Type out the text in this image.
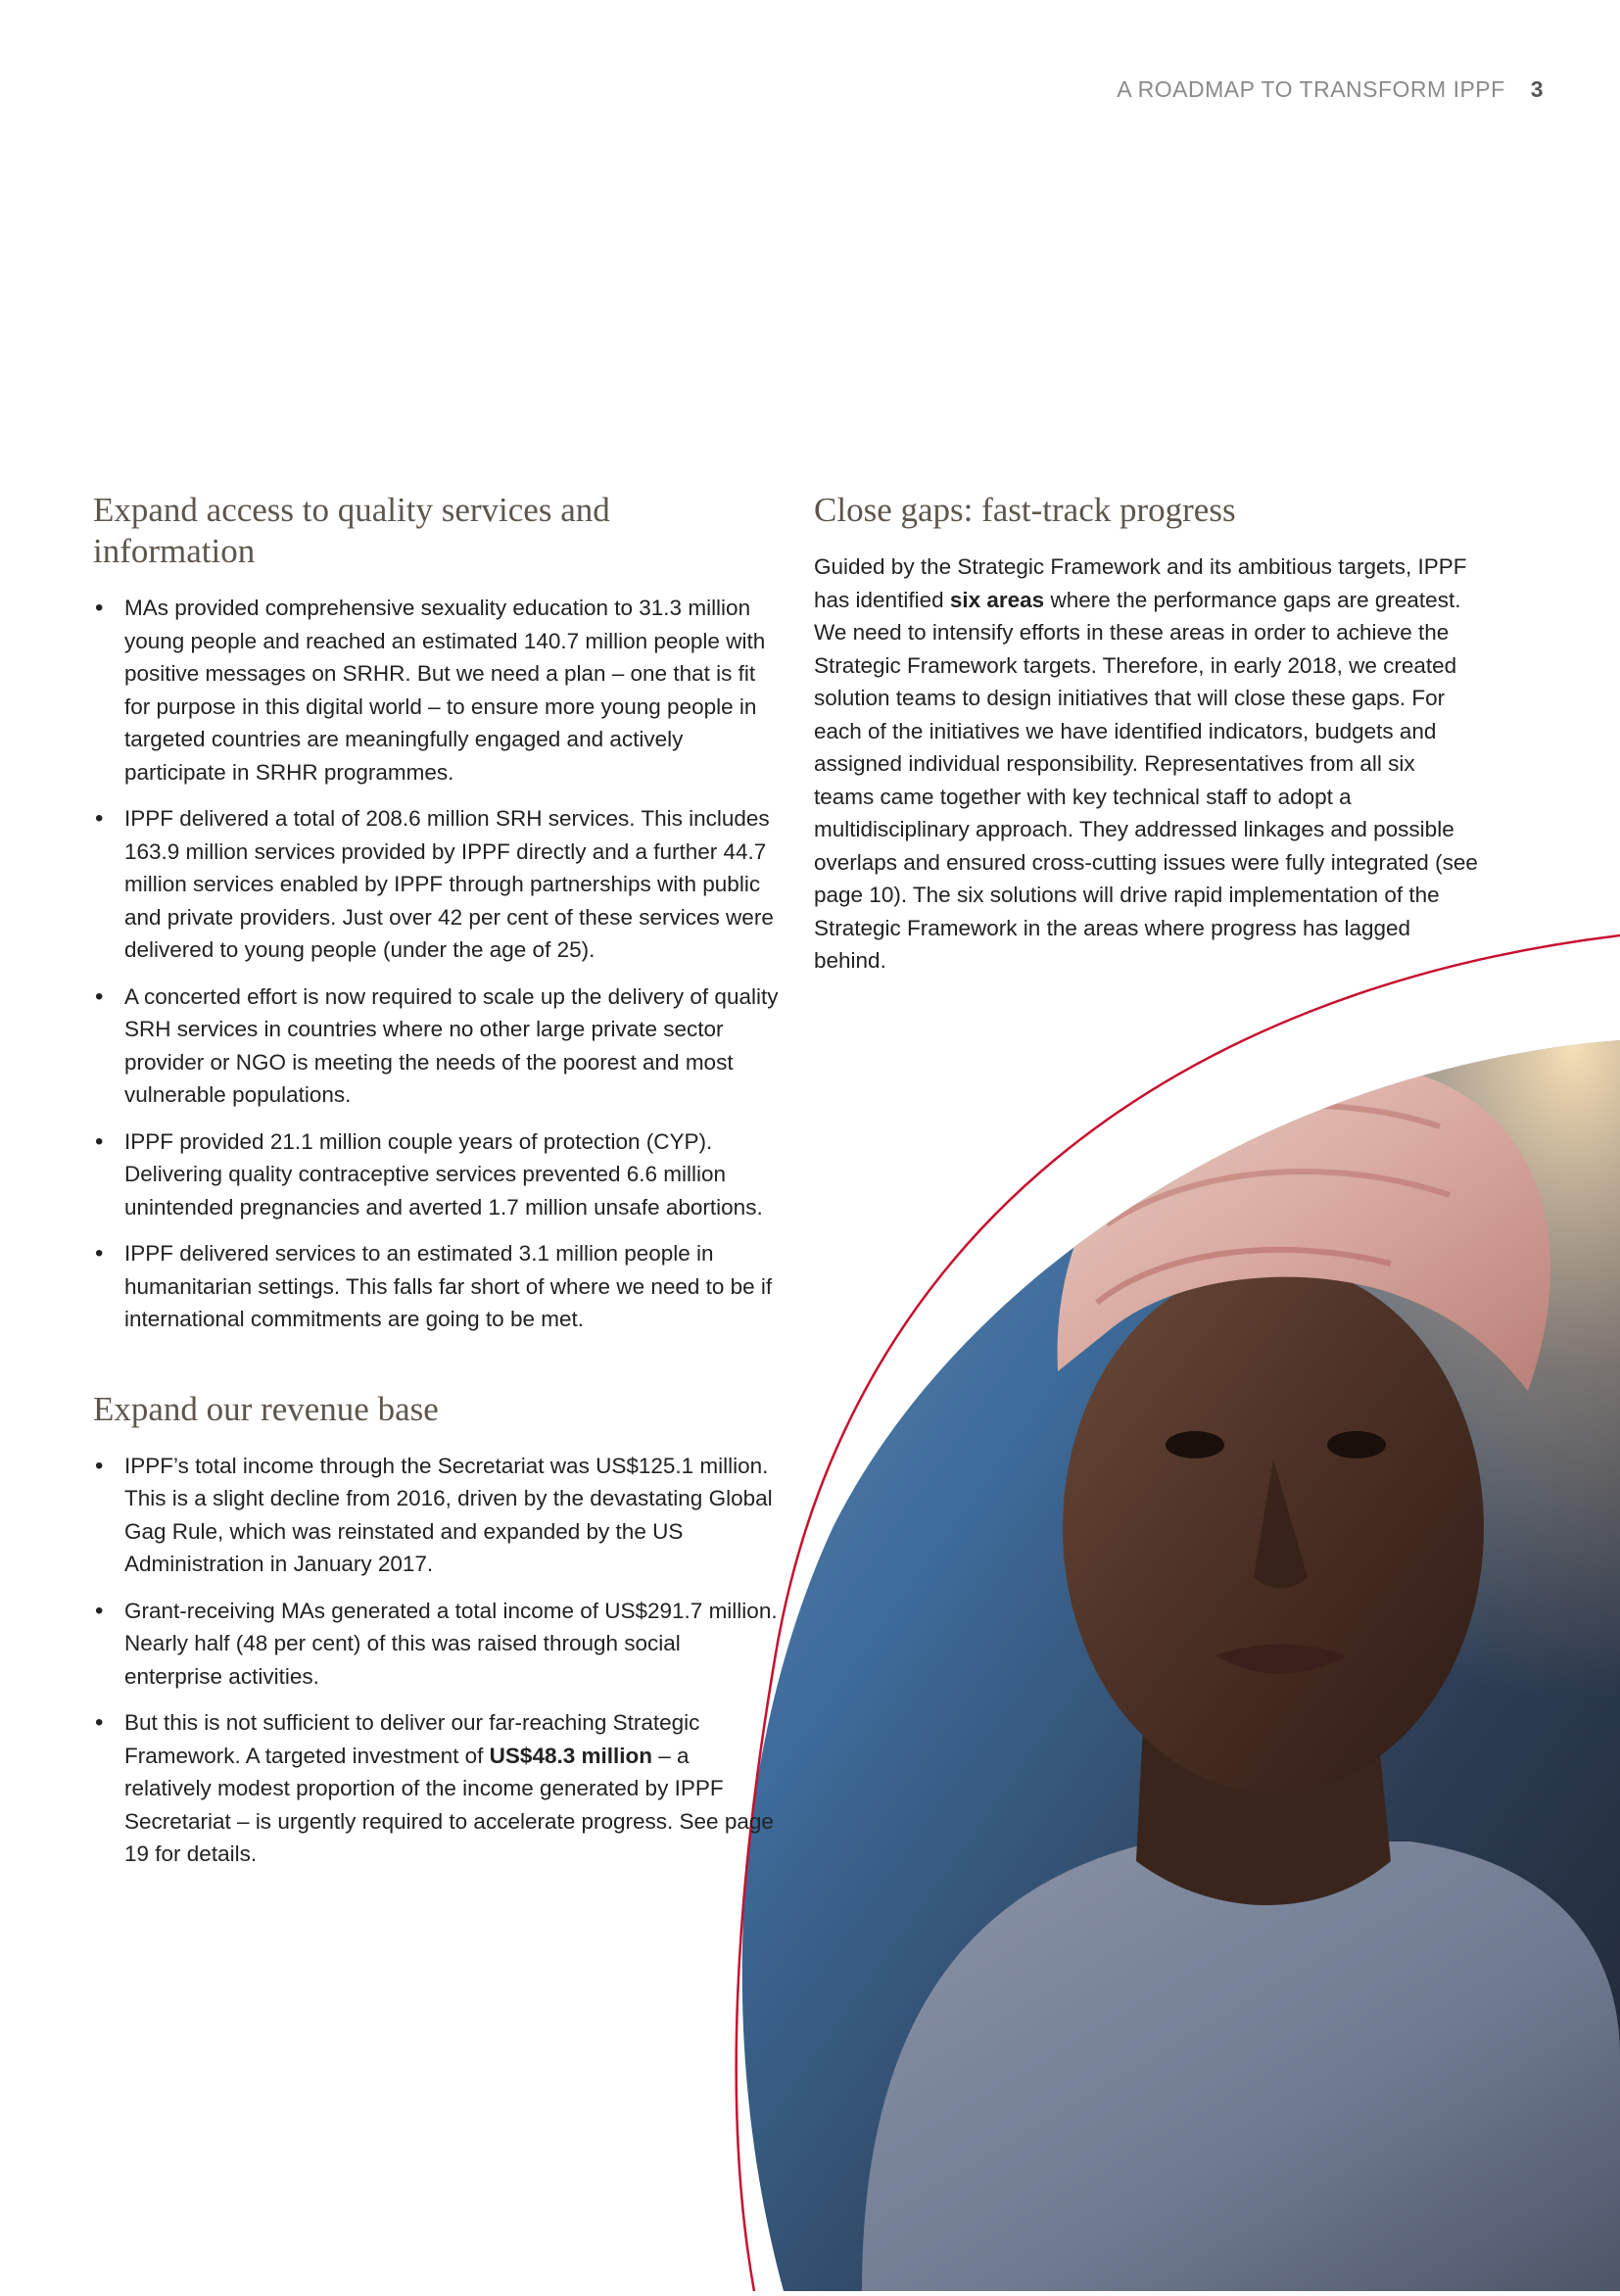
A ROADMAP TO TRANSFORM IPPF 3
Expand access to quality services and information
• MAs provided comprehensive sexuality education to 31.3 million young people and reached an estimated 140.7 million people with positive messages on SRHR. But we need a plan – one that is fit for purpose in this digital world – to ensure more young people in targeted countries are meaningfully engaged and actively participate in SRHR programmes.
• IPPF delivered a total of 208.6 million SRH services. This includes 163.9 million services provided by IPPF directly and a further 44.7 million services enabled by IPPF through partnerships with public and private providers. Just over 42 per cent of these services were delivered to young people (under the age of 25).
• A concerted effort is now required to scale up the delivery of quality SRH services in countries where no other large private sector provider or NGO is meeting the needs of the poorest and most vulnerable populations.
• IPPF provided 21.1 million couple years of protection (CYP). Delivering quality contraceptive services prevented 6.6 million unintended pregnancies and averted 1.7 million unsafe abortions.
• IPPF delivered services to an estimated 3.1 million people in humanitarian settings. This falls far short of where we need to be if international commitments are going to be met.
Expand our revenue base
• IPPF’s total income through the Secretariat was US$125.1 million. This is a slight decline from 2016, driven by the devastating Global Gag Rule, which was reinstated and expanded by the US Administration in January 2017.
• Grant-receiving MAs generated a total income of US$291.7 million. Nearly half (48 per cent) of this was raised through social enterprise activities.
• But this is not sufficient to deliver our far-reaching Strategic Framework. A targeted investment of US$48.3 million – a relatively modest proportion of the income generated by IPPF Secretariat – is urgently required to accelerate progress. See page 19 for details.
Close gaps: fast-track progress

Guided by the Strategic Framework and its ambitious targets, IPPF has identified six areas where the performance gaps are greatest. We need to intensify efforts in these areas in order to achieve the Strategic Framework targets. Therefore, in early 2018, we created solution teams to design initiatives that will close these gaps. For each of the initiatives we have identified indicators, budgets and assigned individual responsibility. Representatives from all six teams came together with key technical staff to adopt a multidisciplinary approach. They addressed linkages and possible overlaps and ensured cross-cutting issues were fully integrated (see page 10). The six solutions will drive rapid implementation of the Strategic Framework in the areas where progress has lagged behind.
